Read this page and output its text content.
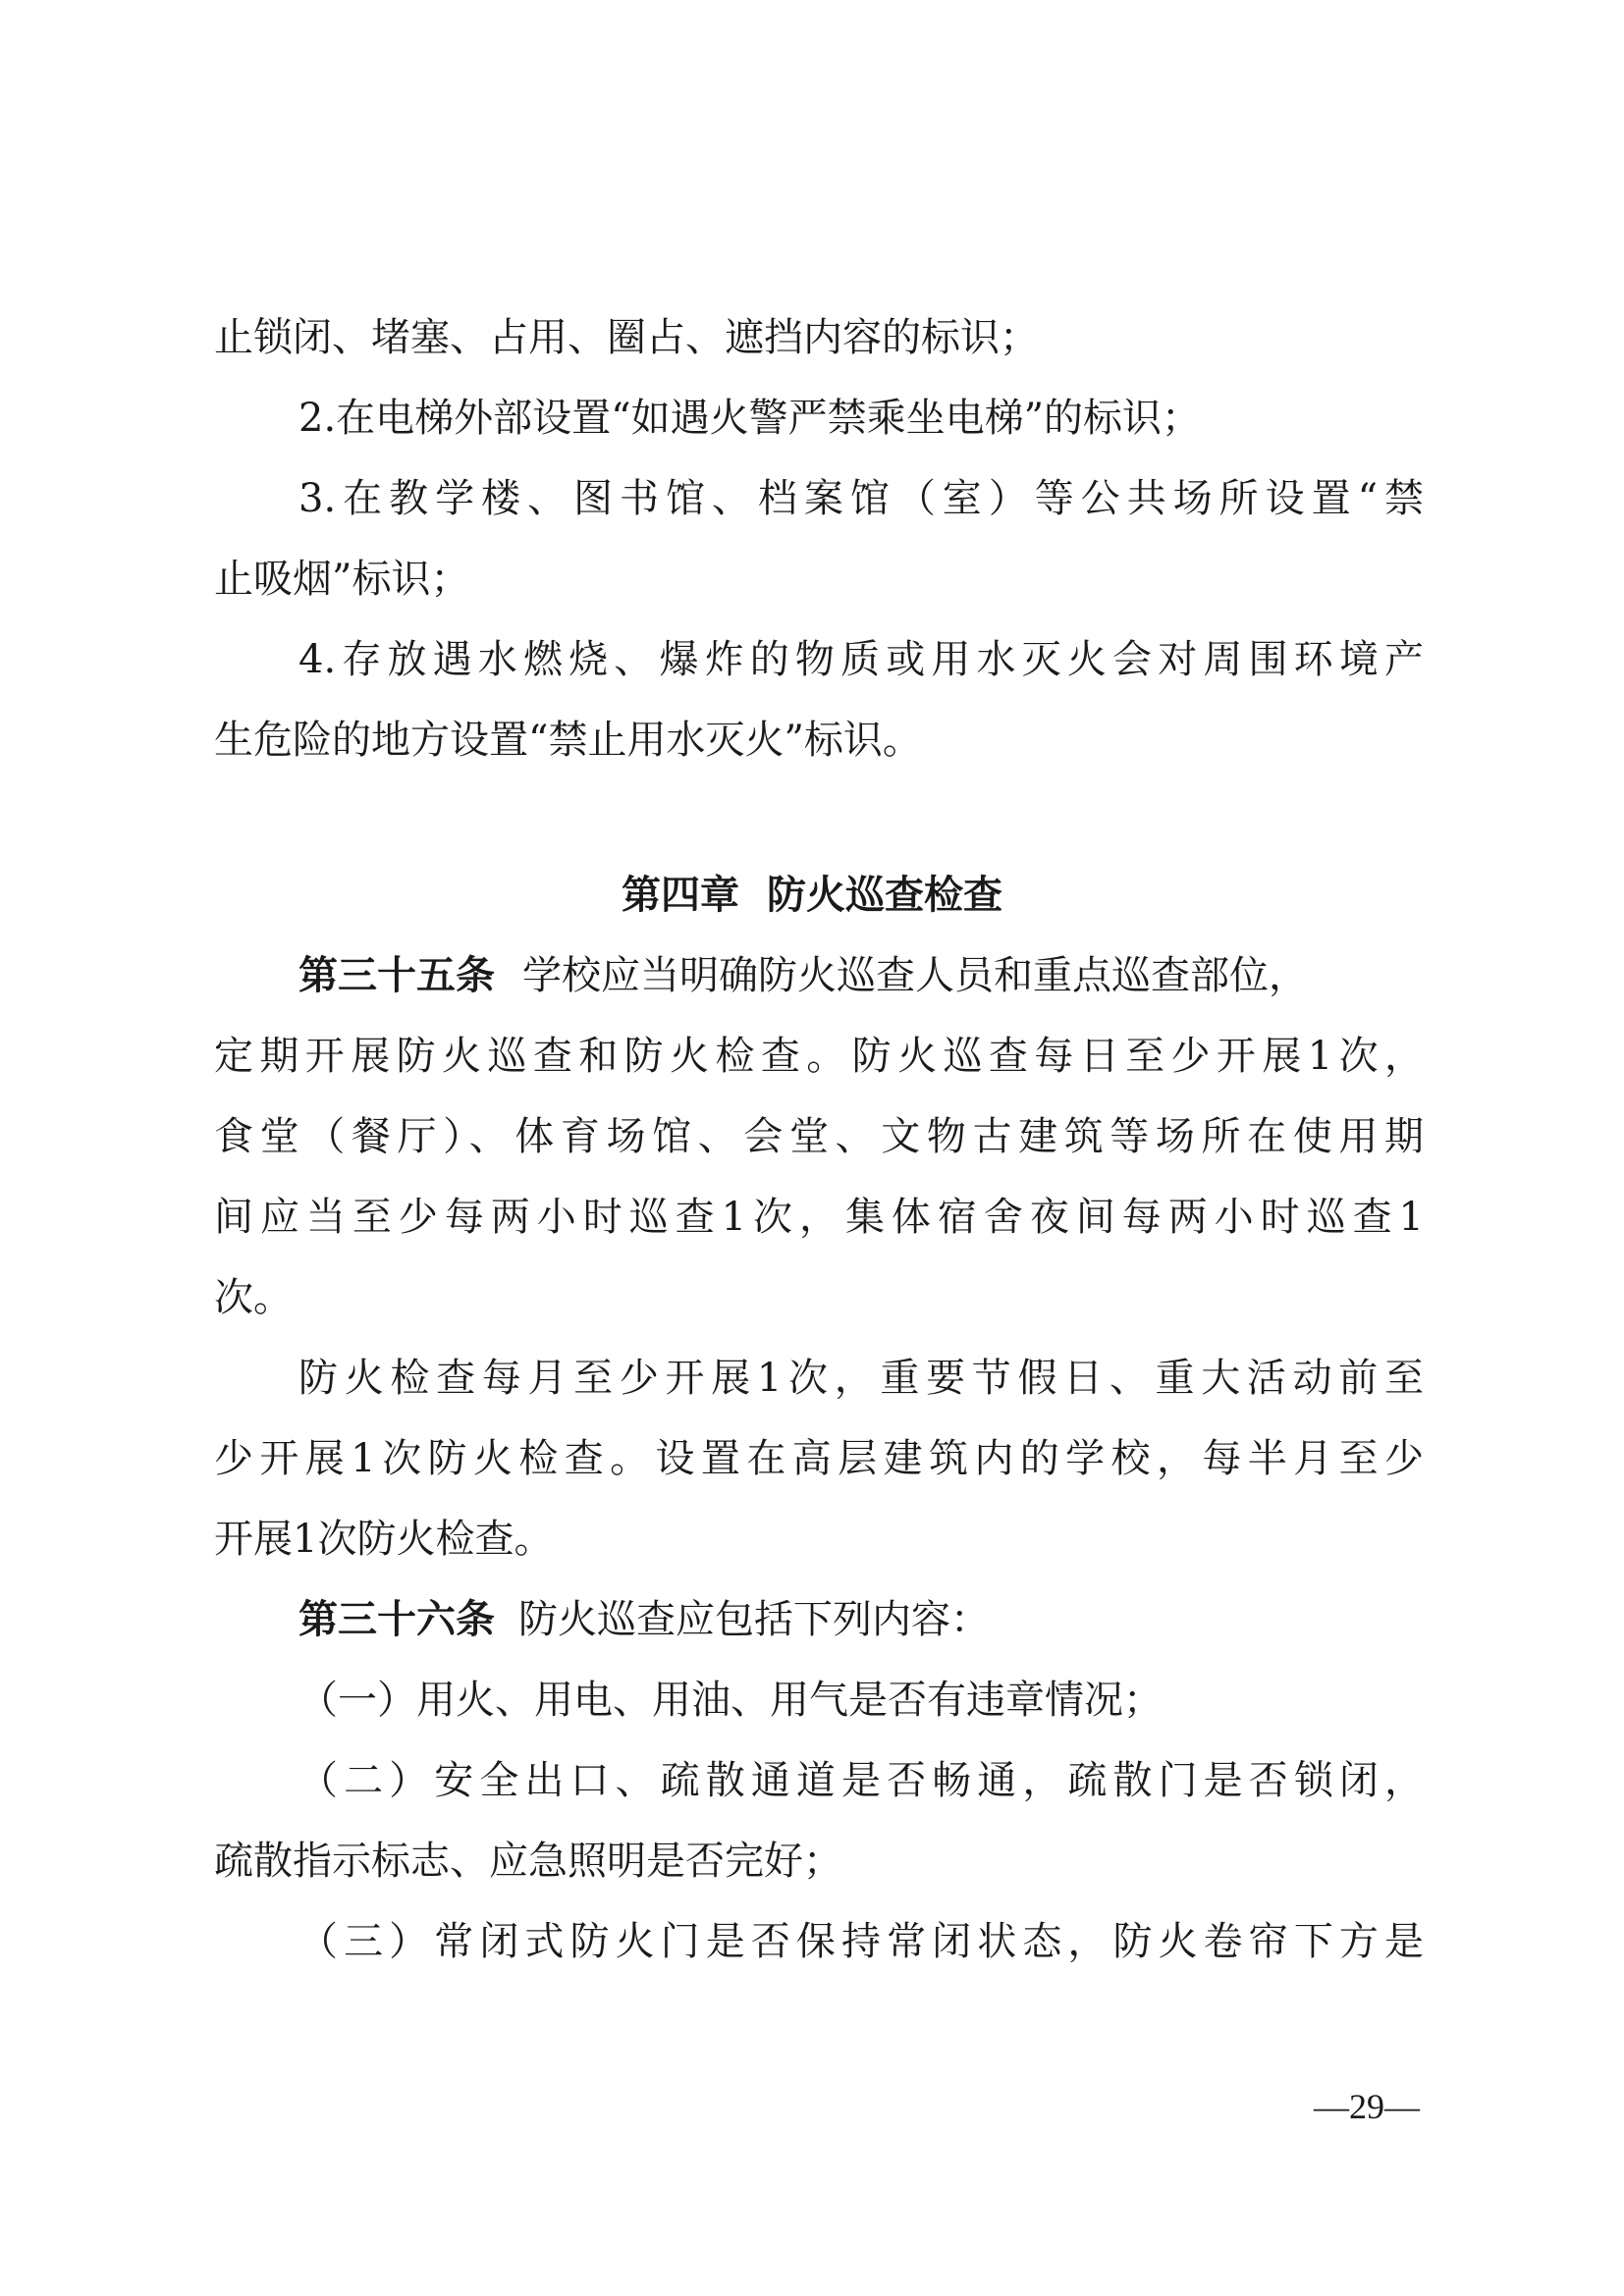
止锁闭、堵塞、占用、圈占、遮挡内容的标识；
2.在电梯外部设置“如遇火警严禁乘坐电梯”的标识；
3.在教学楼、图书馆、档案馆（室）等公共场所设置“禁
止吸烟”标识；
4.存放遇水燃烧、爆炸的物质或用水灭火会对周围环境产
生危险的地方设置“禁止用水灭火”标识。
第四章 防火巡查检查
第三十五条 学校应当明确防火巡查人员和重点巡查部位，
定期开展防火巡查和防火检查。防火巡查每日至少开展1次，
食堂（餐厅）、体育场馆、会堂、文物古建筑等场所在使用期
间应当至少每两小时巡查1次，集体宿舍夜间每两小时巡查1
次。
防火检查每月至少开展1次，重要节假日、重大活动前至
少开展1次防火检查。设置在高层建筑内的学校，每半月至少
开展1次防火检查。
第三十六条 防火巡查应包括下列内容：
（一）用火、用电、用油、用气是否有违章情况；
（二）安全出口、疏散通道是否畅通，疏散门是否锁闭，
疏散指示标志、应急照明是否完好；
（三）常闭式防火门是否保持常闭状态，防火卷帘下方是
—29—
